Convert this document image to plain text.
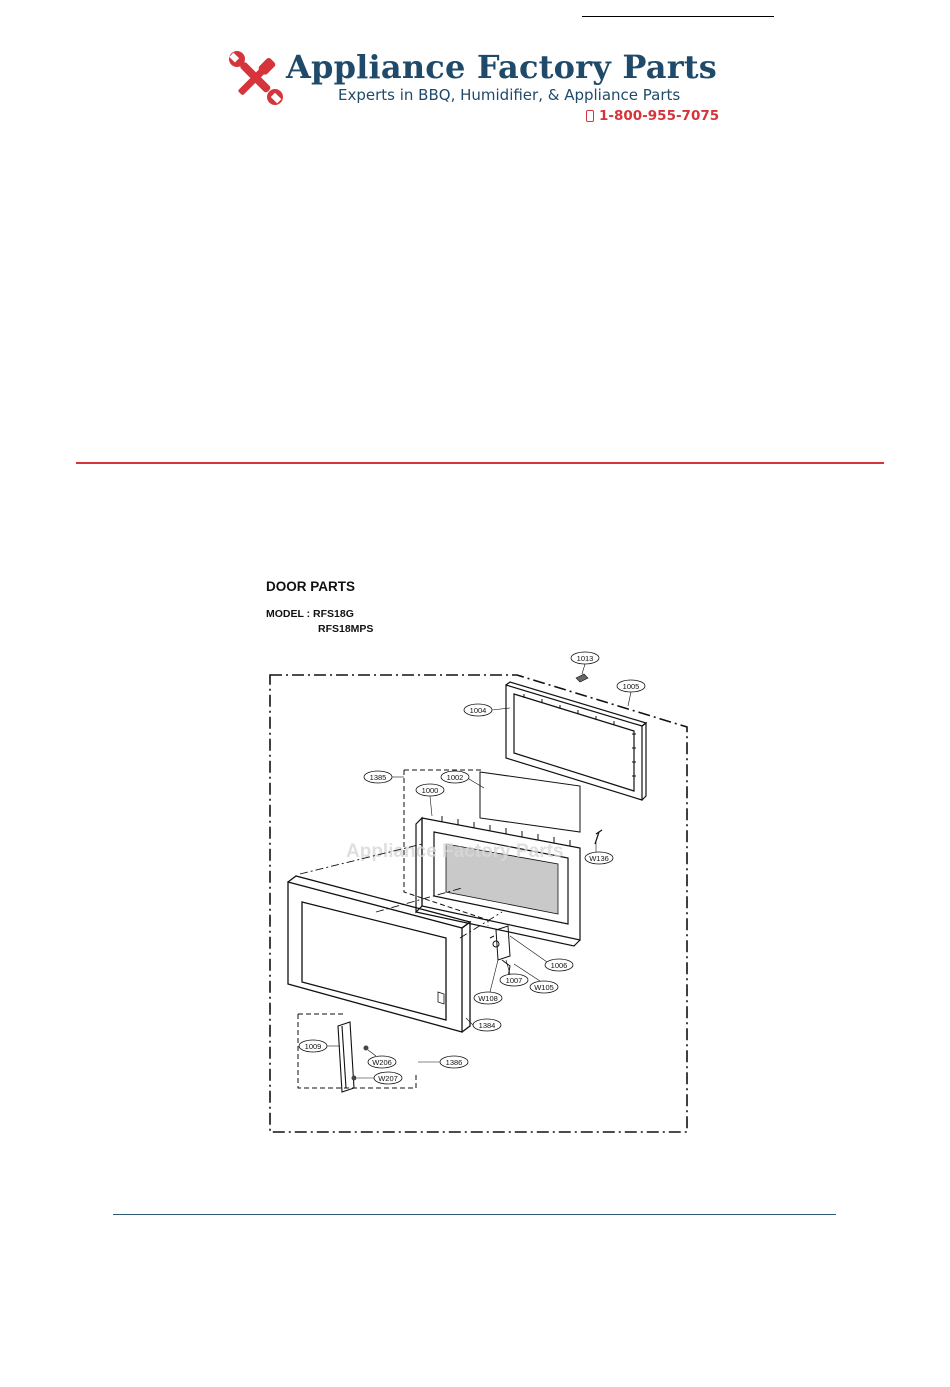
Appliance Factory Parts
Experts in BBQ, Humidifier, & Appliance Parts
1-800-955-7075
DOOR PARTS
MODEL : RFS18G
RFS18MPS
Appliance Factory Parts
1013
1005
1004
1385	1002
1000
W136
1006
1007
W105
W108
1384
1009
W206	1386
W207
